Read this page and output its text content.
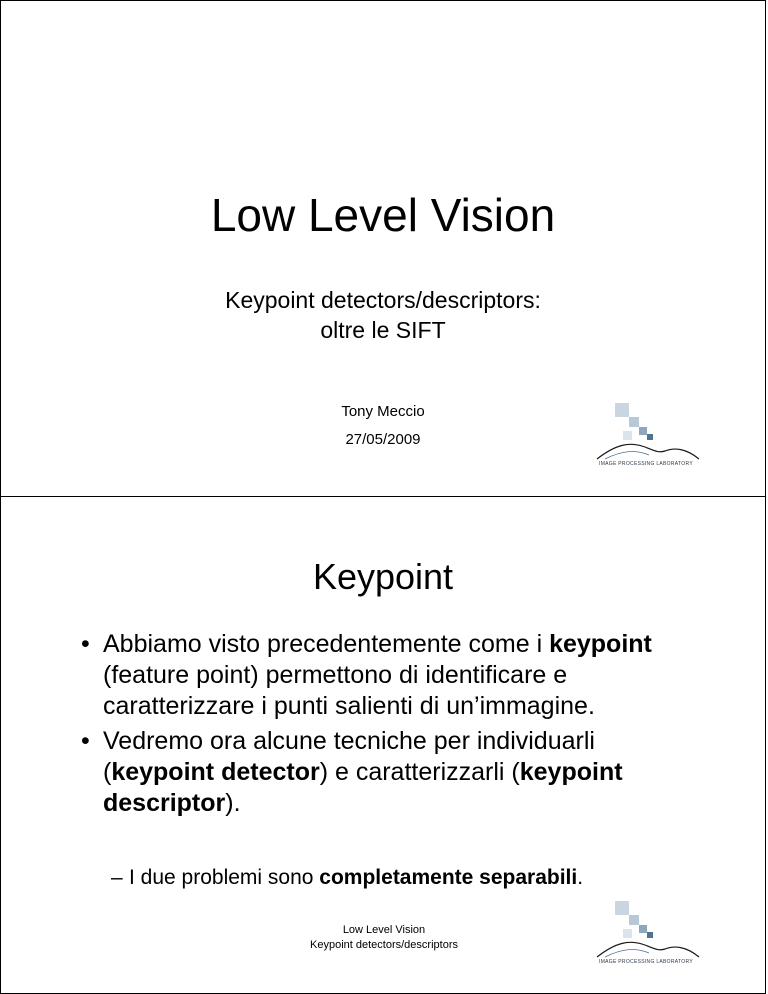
Low Level Vision
Keypoint detectors/descriptors:
oltre le SIFT
Tony Meccio
27/05/2009
IMAGE PROCESSING LABORATORY
Keypoint
• Abbiamo visto precedentemente come i keypoint (feature point) permettono di identificare e caratterizzare i punti salienti di un’immagine.
• Vedremo ora alcune tecniche per individuarli (keypoint detector) e caratterizzarli (keypoint descriptor).
– I due problemi sono completamente separabili.
Low Level Vision
Keypoint detectors/descriptors
IMAGE PROCESSING LABORATORY
